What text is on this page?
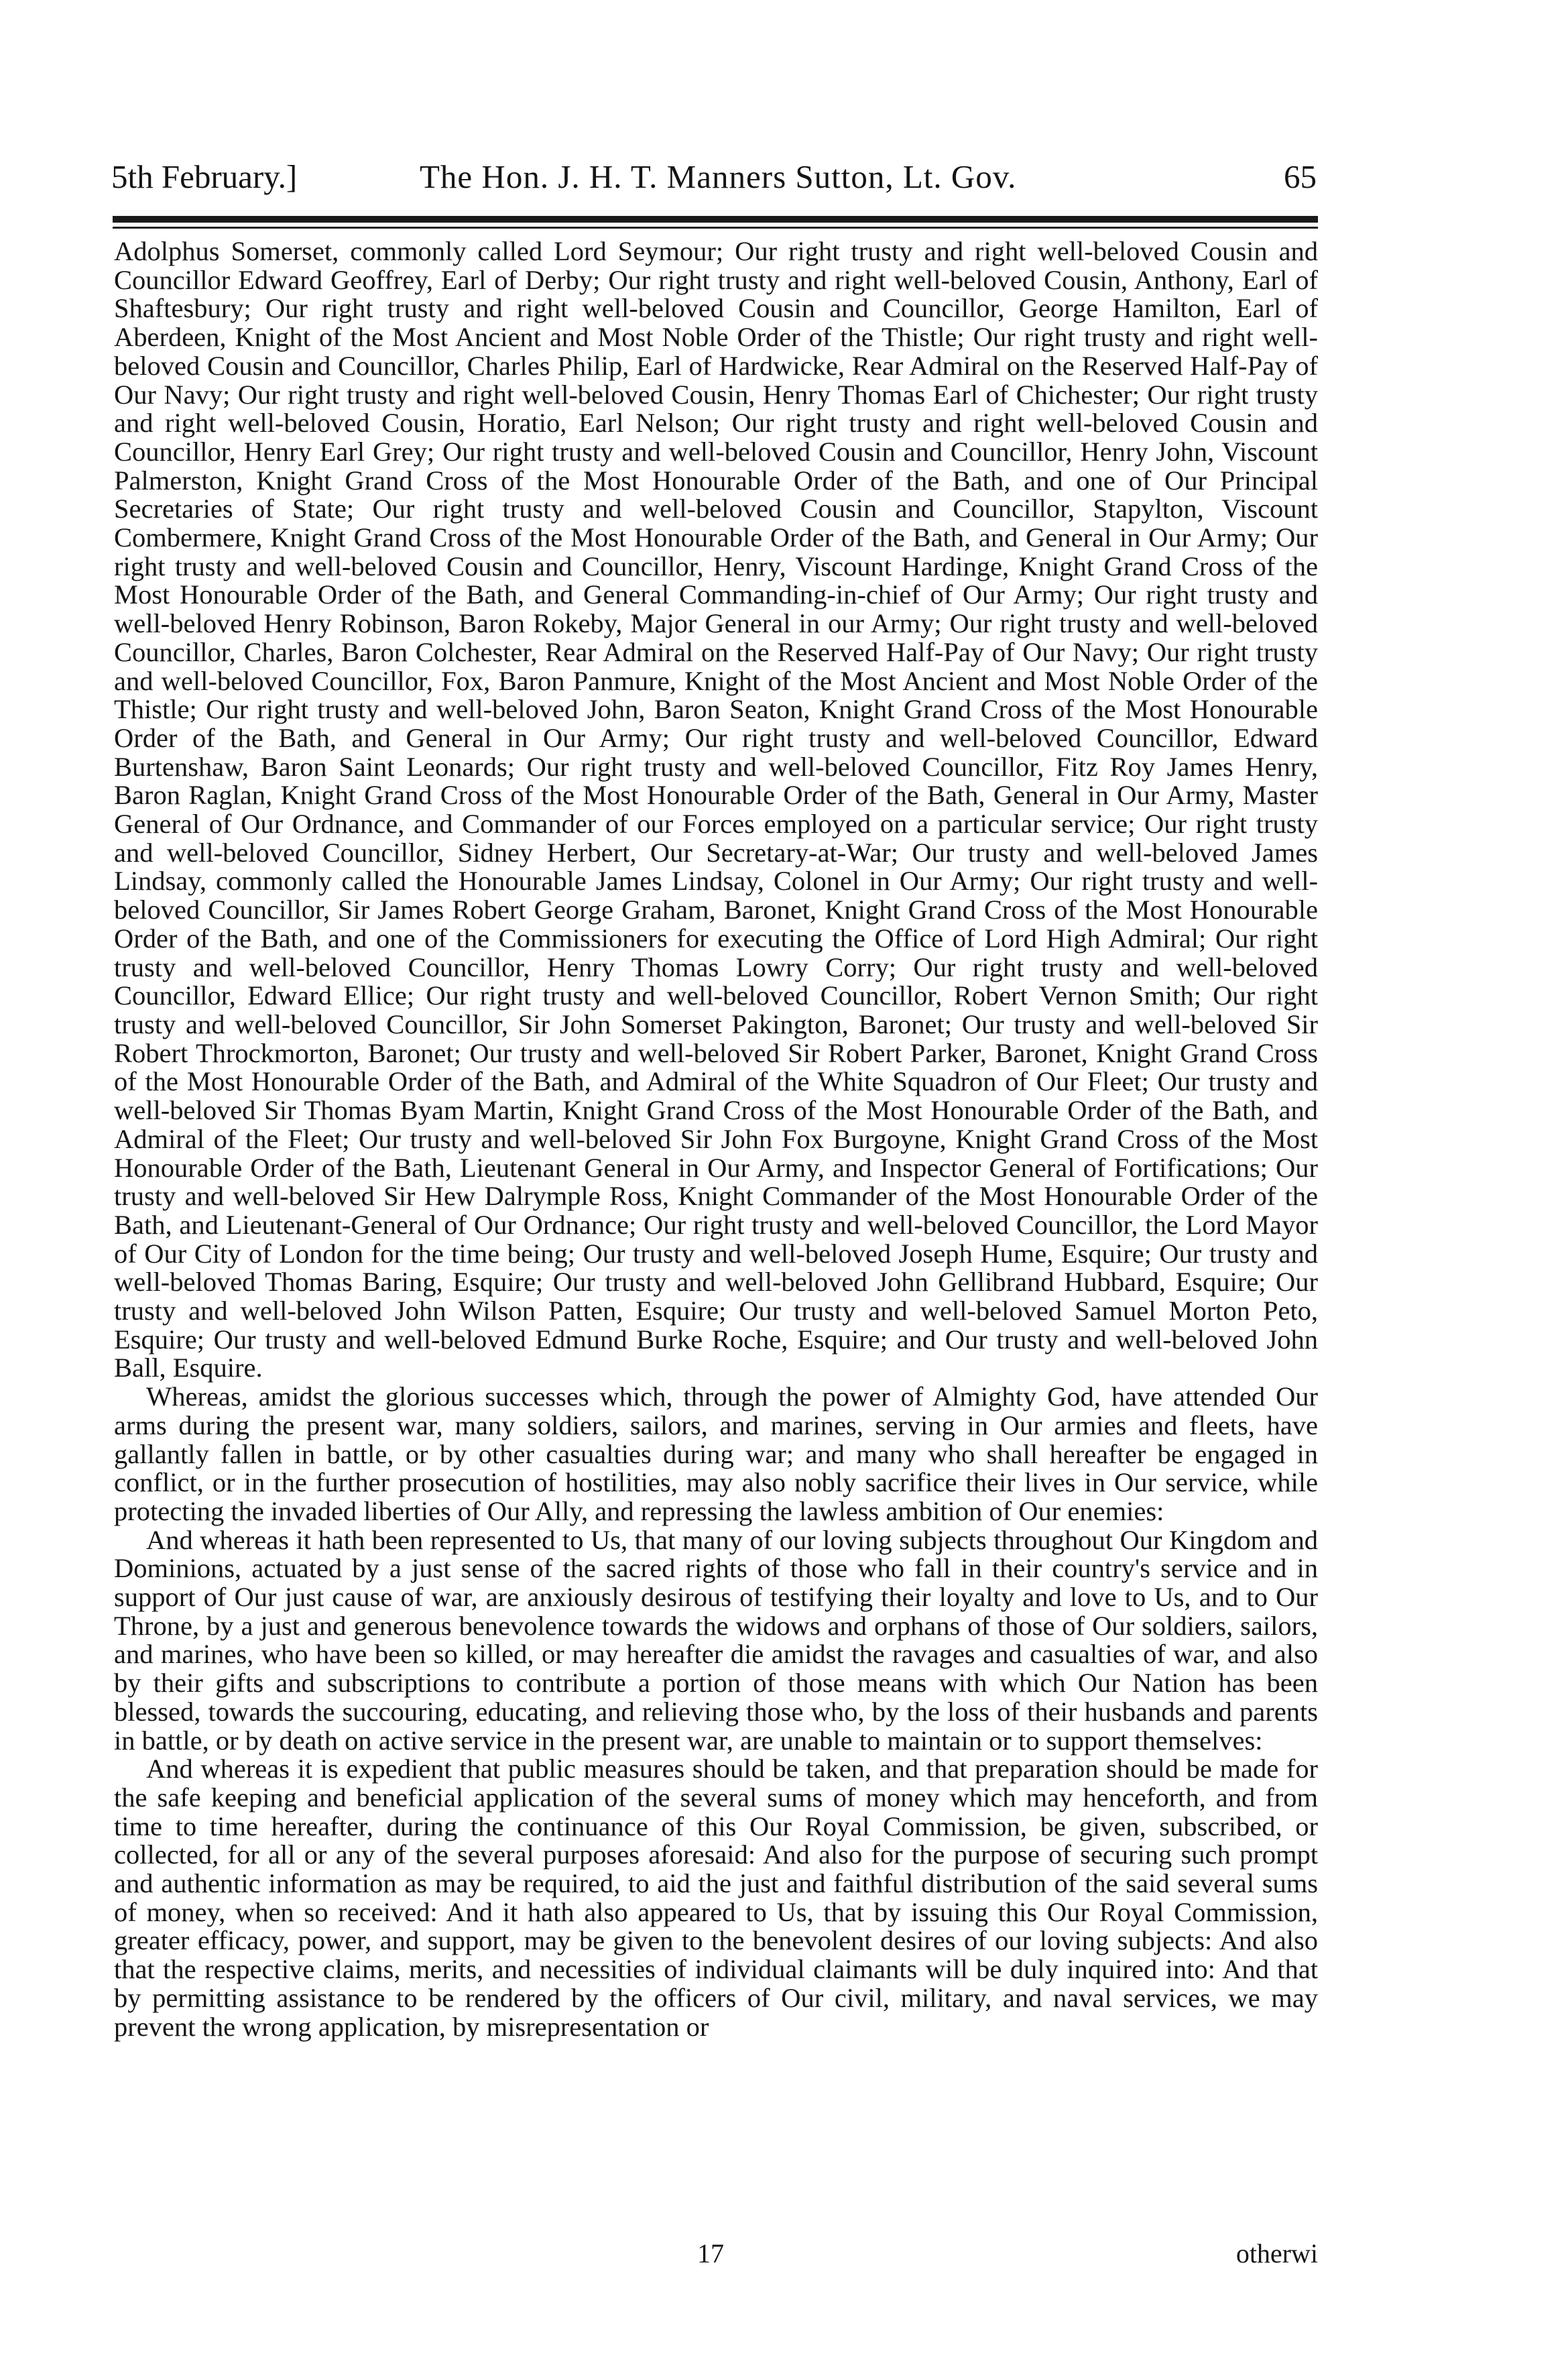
5th February.]	The Hon. J. H. T. Manners Sutton, Lt. Gov.	65

Adolphus Somerset, commonly called Lord Seymour; Our right trusty and right well-beloved Cousin and Councillor Edward Geoffrey, Earl of Derby; Our right trusty and right well-beloved Cousin, Anthony, Earl of Shaftesbury; Our right trusty and right well-beloved Cousin and Councillor, George Hamilton, Earl of Aberdeen, Knight of the Most Ancient and Most Noble Order of the Thistle; Our right trusty and right well-beloved Cousin and Councillor, Charles Philip, Earl of Hardwicke, Rear Admiral on the Reserved Half-Pay of Our Navy; Our right trusty and right well-beloved Cousin, Henry Thomas Earl of Chichester; Our right trusty and right well-beloved Cousin, Horatio, Earl Nelson; Our right trusty and right well-beloved Cousin and Councillor, Henry Earl Grey; Our right trusty and well-beloved Cousin and Councillor, Henry John, Viscount Palmerston, Knight Grand Cross of the Most Honourable Order of the Bath, and one of Our Principal Secretaries of State; Our right trusty and well-beloved Cousin and Councillor, Stapylton, Viscount Combermere, Knight Grand Cross of the Most Honourable Order of the Bath, and General in Our Army; Our right trusty and well-beloved Cousin and Councillor, Henry, Viscount Hardinge, Knight Grand Cross of the Most Honourable Order of the Bath, and General Commanding-in-chief of Our Army; Our right trusty and well-beloved Henry Robinson, Baron Rokeby, Major General in our Army; Our right trusty and well-beloved Councillor, Charles, Baron Colchester, Rear Admiral on the Reserved Half-Pay of Our Navy; Our right trusty and well-beloved Councillor, Fox, Baron Panmure, Knight of the Most Ancient and Most Noble Order of the Thistle; Our right trusty and well-beloved John, Baron Seaton, Knight Grand Cross of the Most Honourable Order of the Bath, and General in Our Army; Our right trusty and well-beloved Councillor, Edward Burtenshaw, Baron Saint Leonards; Our right trusty and well-beloved Councillor, Fitz Roy James Henry, Baron Raglan, Knight Grand Cross of the Most Honourable Order of the Bath, General in Our Army, Master General of Our Ordnance, and Commander of our Forces employed on a particular service; Our right trusty and well-beloved Councillor, Sidney Herbert, Our Secretary-at-War; Our trusty and well-beloved James Lindsay, commonly called the Honourable James Lindsay, Colonel in Our Army; Our right trusty and well-beloved Councillor, Sir James Robert George Graham, Baronet, Knight Grand Cross of the Most Honourable Order of the Bath, and one of the Commissioners for executing the Office of Lord High Admiral; Our right trusty and well-beloved Councillor, Henry Thomas Lowry Corry; Our right trusty and well-beloved Councillor, Edward Ellice; Our right trusty and well-beloved Councillor, Robert Vernon Smith; Our right trusty and well-beloved Councillor, Sir John Somerset Pakington, Baronet; Our trusty and well-beloved Sir Robert Throckmorton, Baronet; Our trusty and well-beloved Sir Robert Parker, Baronet, Knight Grand Cross of the Most Honourable Order of the Bath, and Admiral of the White Squadron of Our Fleet; Our trusty and well-beloved Sir Thomas Byam Martin, Knight Grand Cross of the Most Honourable Order of the Bath, and Admiral of the Fleet; Our trusty and well-beloved Sir John Fox Burgoyne, Knight Grand Cross of the Most Honourable Order of the Bath, Lieutenant General in Our Army, and Inspector General of Fortifications; Our trusty and well-beloved Sir Hew Dalrymple Ross, Knight Commander of the Most Honourable Order of the Bath, and Lieutenant-General of Our Ordnance; Our right trusty and well-beloved Councillor, the Lord Mayor of Our City of London for the time being; Our trusty and well-beloved Joseph Hume, Esquire; Our trusty and well-beloved Thomas Baring, Esquire; Our trusty and well-beloved John Gellibrand Hubbard, Esquire; Our trusty and well-beloved John Wilson Patten, Esquire; Our trusty and well-beloved Samuel Morton Peto, Esquire; Our trusty and well-beloved Edmund Burke Roche, Esquire; and Our trusty and well-beloved John Ball, Esquire.

Whereas, amidst the glorious successes which, through the power of Almighty God, have attended Our arms during the present war, many soldiers, sailors, and marines, serving in Our armies and fleets, have gallantly fallen in battle, or by other casualties during war; and many who shall hereafter be engaged in conflict, or in the further prosecution of hostilities, may also nobly sacrifice their lives in Our service, while protecting the invaded liberties of Our Ally, and repressing the lawless ambition of Our enemies:

And whereas it hath been represented to Us, that many of our loving subjects throughout Our Kingdom and Dominions, actuated by a just sense of the sacred rights of those who fall in their country's service and in support of Our just cause of war, are anxiously desirous of testifying their loyalty and love to Us, and to Our Throne, by a just and generous benevolence towards the widows and orphans of those of Our soldiers, sailors, and marines, who have been so killed, or may hereafter die amidst the ravages and casualties of war, and also by their gifts and subscriptions to contribute a portion of those means with which Our Nation has been blessed, towards the succouring, educating, and relieving those who, by the loss of their husbands and parents in battle, or by death on active service in the present war, are unable to maintain or to support themselves:

And whereas it is expedient that public measures should be taken, and that preparation should be made for the safe keeping and beneficial application of the several sums of money which may henceforth, and from time to time hereafter, during the continuance of this Our Royal Commission, be given, subscribed, or collected, for all or any of the several purposes aforesaid: And also for the purpose of securing such prompt and authentic information as may be required, to aid the just and faithful distribution of the said several sums of money, when so received: And it hath also appeared to Us, that by issuing this Our Royal Commission, greater efficacy, power, and support, may be given to the benevolent desires of our loving subjects: And also that the respective claims, merits, and necessities of individual claimants will be duly inquired into: And that by permitting assistance to be rendered by the officers of Our civil, military, and naval services, we may prevent the wrong application, by misrepresentation or

17	otherwi
